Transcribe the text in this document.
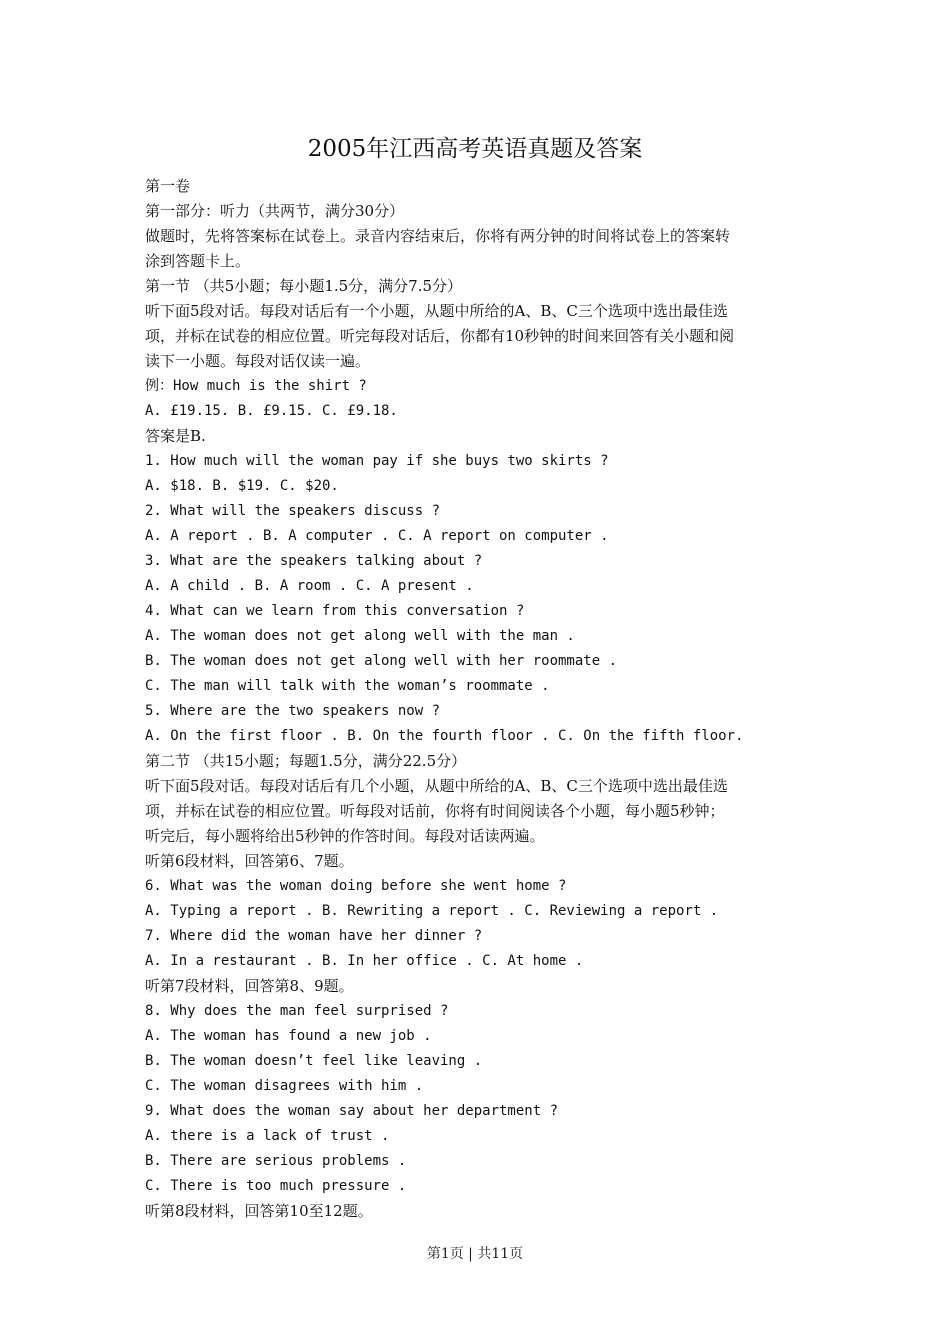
2005年江西高考英语真题及答案
第一卷
第一部分：听力（共两节，满分30分）
做题时，先将答案标在试卷上。录音内容结束后，你将有两分钟的时间将试卷上的答案转
涂到答题卡上。
第一节 （共5小题；每小题1.5分，满分7.5分）
听下面5段对话。每段对话后有一个小题，从题中所给的A、B、C三个选项中选出最佳选
项，并标在试卷的相应位置。听完每段对话后，你都有10秒钟的时间来回答有关小题和阅
读下一小题。每段对话仅读一遍。
例：How much is the shirt ?
A. £19.15. B. £9.15. C. £9.18.
答案是B.
1. How much will the woman pay if she buys two skirts ?
A. $18. B. $19. C. $20.
2. What will the speakers discuss ?
A. A report . B. A computer . C. A report on computer .
3. What are the speakers talking about ?
A. A child . B. A room . C. A present .
4. What can we learn from this conversation ?
A. The woman does not get along well with the man .
B. The woman does not get along well with her roommate .
C. The man will talk with the woman’s roommate .
5. Where are the two speakers now ?
A. On the first floor . B. On the fourth floor . C. On the fifth floor.
第二节 （共15小题；每题1.5分，满分22.5分）
听下面5段对话。每段对话后有几个小题，从题中所给的A、B、C三个选项中选出最佳选
项，并标在试卷的相应位置。听每段对话前，你将有时间阅读各个小题，每小题5秒钟；
听完后，每小题将给出5秒钟的作答时间。每段对话读两遍。
听第6段材料，回答第6、7题。
6. What was the woman doing before she went home ?
A. Typing a report . B. Rewriting a report . C. Reviewing a report .
7. Where did the woman have her dinner ?
A. In a restaurant . B. In her office . C. At home .
听第7段材料，回答第8、9题。
8. Why does the man feel surprised ?
A. The woman has found a new job .
B. The woman doesn’t feel like leaving .
C. The woman disagrees with him .
9. What does the woman say about her department ?
A. there is a lack of trust .
B. There are serious problems .
C. There is too much pressure .
听第8段材料，回答第10至12题。
第1页 | 共11页
